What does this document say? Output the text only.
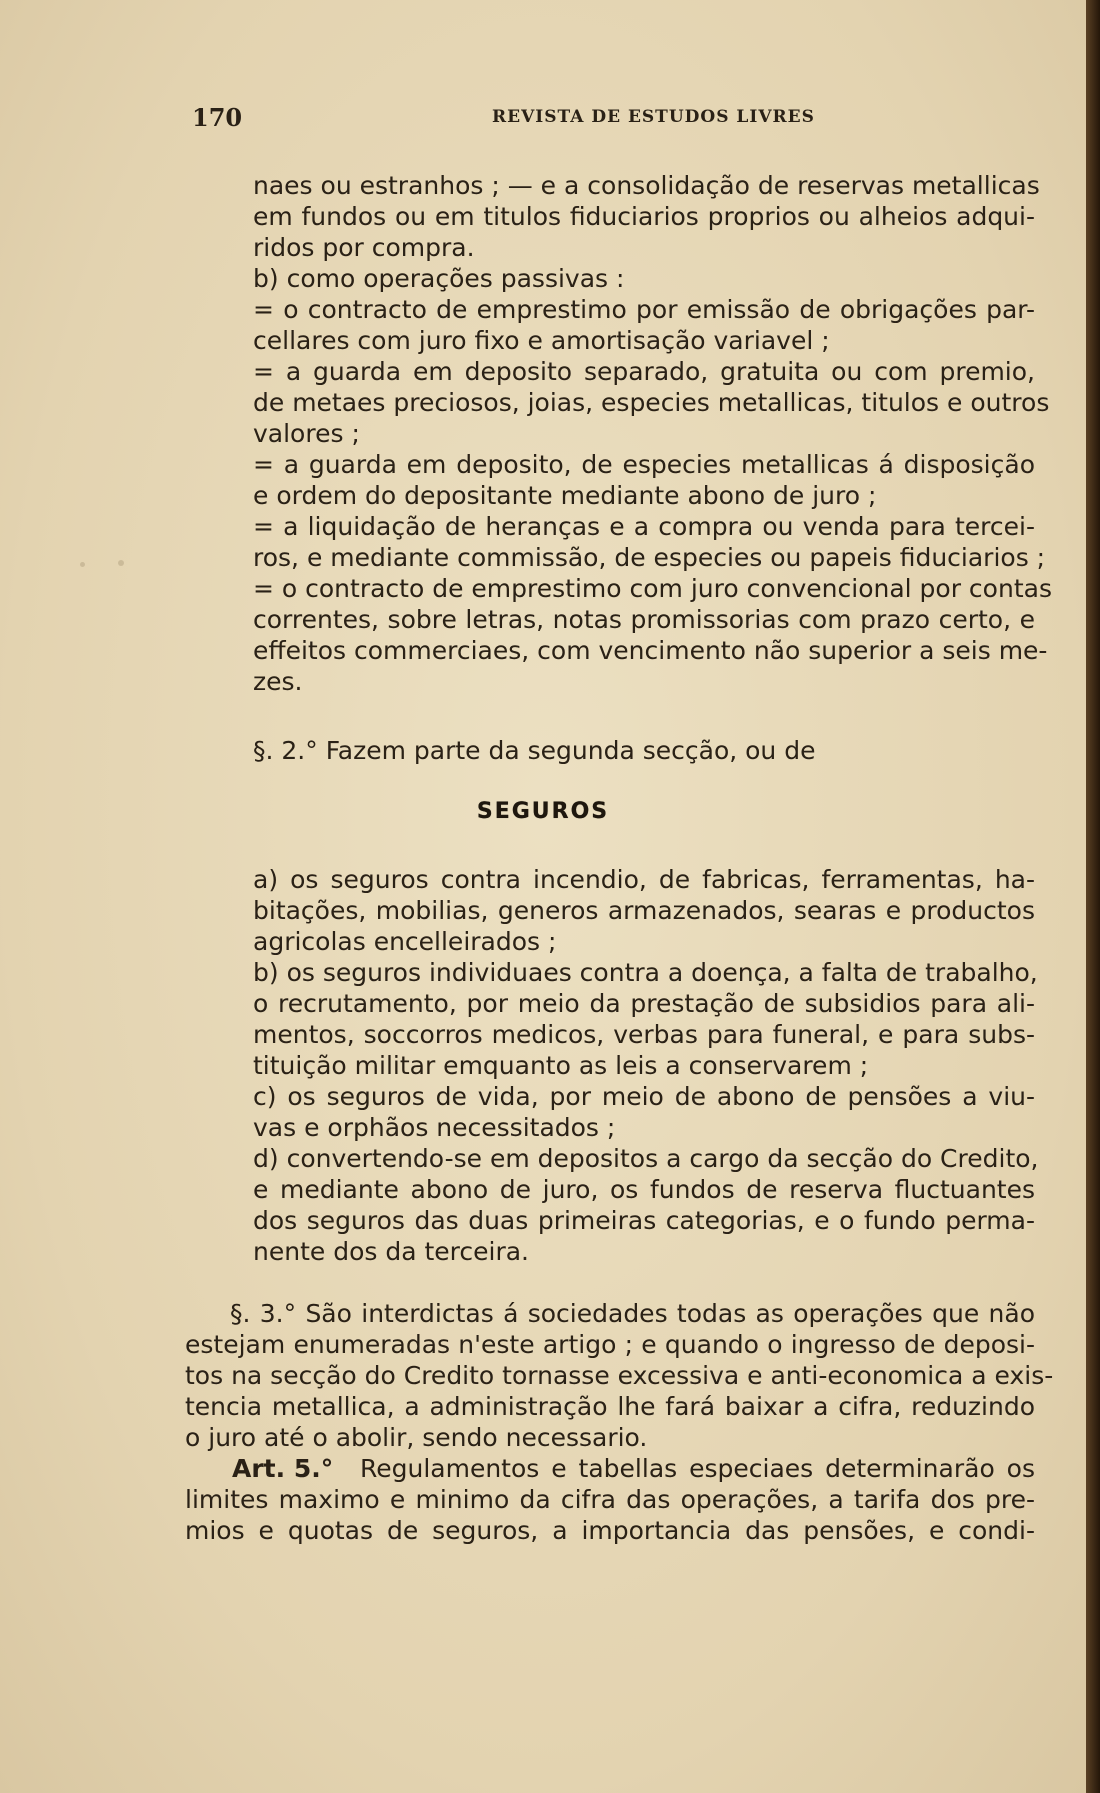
170	REVISTA DE ESTUDOS LIVRES
naes ou estranhos ; — e a consolidação de reservas metallicas
em fundos ou em titulos fiduciarios proprios ou alheios adqui-
ridos por compra.
b) como operações passivas :
= o contracto de emprestimo por emissão de obrigações par-
cellares com juro fixo e amortisação variavel ;
= a guarda em deposito separado, gratuita ou com premio,
de metaes preciosos, joias, especies metallicas, titulos e outros
valores ;
= a guarda em deposito, de especies metallicas á disposição
e ordem do depositante mediante abono de juro ;
= a liquidação de heranças e a compra ou venda para tercei-
ros, e mediante commissão, de especies ou papeis fiduciarios ;
= o contracto de emprestimo com juro convencional por contas
correntes, sobre letras, notas promissorias com prazo certo, e
effeitos commerciaes, com vencimento não superior a seis me-
zes.
§. 2.° Fazem parte da segunda secção, ou de
SEGUROS
a) os seguros contra incendio, de fabricas, ferramentas, ha-
bitações, mobilias, generos armazenados, searas e productos
agricolas encelleirados ;
b) os seguros individuaes contra a doença, a falta de trabalho,
o recrutamento, por meio da prestação de subsidios para ali-
mentos, soccorros medicos, verbas para funeral, e para subs-
tituição militar emquanto as leis a conservarem ;
c) os seguros de vida, por meio de abono de pensões a viu-
vas e orphãos necessitados ;
d) convertendo-se em depositos a cargo da secção do Credito,
e mediante abono de juro, os fundos de reserva fluctuantes
dos seguros das duas primeiras categorias, e o fundo perma-
nente dos da terceira.
§. 3.° São interdictas á sociedades todas as operações que não
estejam enumeradas n'este artigo ; e quando o ingresso de deposi-
tos na secção do Credito tornasse excessiva e anti-economica a exis-
tencia metallica, a administração lhe fará baixar a cifra, reduzindo
o juro até o abolir, sendo necessario.
Art. 5.°	Regulamentos e tabellas especiaes determinarão os
limites maximo e minimo da cifra das operações, a tarifa dos pre-
mios e quotas de seguros, a importancia das pensões, e condi-
